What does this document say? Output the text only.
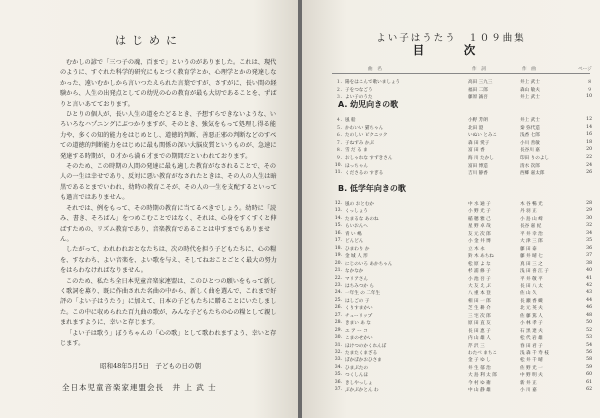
はじめに

むかしの諺で「三つ子の魂、百まで」というのがありました。これは、現代のように、すぐれた科学的研究にもとづく教育学とか、心理学とかの発達しなかった、遠いむかしから言いつたえられた言葉ですが、さすがに、長い間の経験から、人生の出発点としての幼児の心の教育が最も大切であることを、ずばりと言いあてております。

ひとりの個人が、長い人生の道をたどるとき、予想すらできないような、いろいろなハプニングにぶつかりますが、そのとき、強気をもって処理し得る能力や、多くの知的能力をはじめとし、道徳的判断、善悪正邪の判断などのすべての道徳的判断能力をはじめに最も関係の深い大脳皮質というものが、急速に発達する時期が、０才から満６才までの期間だといわれております。

そのため、この時期の人間の発達に最も適した教育がなされることで、その人の一生は幸せであり、反対に悪い教育がなされたときは、その人の人生は暗黒であるとまでいわれ、幼時の教育こそが、その人の一生を支配するといっても過言ではありません。

それでは、例をもって、その時期の教育に当てるべきでしょう。幼時に「読み、書き、そろばん」をつめこむことではなく、それは、心身をすくすくと伸ばすための、リズム教育であり、音楽教育であることは申すまでもありません。

したがって、われわれおとなたちは、次の時代を担う子どもたちに、心の糧を、すなわち、よい音楽を、よい歌を与え、そしてねおことごとく最大の努力をはらわなければなりません。

このため、私たち全日本児童音楽家連盟は、このひとつの願いをもって新しく歌詞を募り、既に作曲された名曲の中から、新しく曲を選んで、これまで好評の「よい子はうたう」に加えて、日本の子どもたちに贈ることにいたしました。この中に収められた百九曲の歌が、みんな子どもたちの心の糧として親しまれますように、幸いと存じます。

「よい子は歌う」ぼうちゃんの「心の歌」として歌われますよう、幸いと存じます。

昭和48年5月5日　子どもの日の朝
全日本児童音楽家連盟会長　井 上 武 士
よい子はうたう　１０９曲集
目　次
曲　名	作　詞	作　曲	ページ
１. 陽をはこんで歌いましょう	高田 三九三	井上 武士	８
２. 子をつなごう	福田 二郎	森山 敏夫	９
３. よい子のうた	藤原 誠吾	井上 武士	10
A. 幼児向きの歌
４. 風 船	小野 芳朗	井上 武士	12
５. かわいい 猫ちゃん	北田 澄	秦 弥代造	14
６. たのしい ピクニック	いぬい とみこ	浅香 七郎	16
７. 子ねずみ かぶ	森 田 愛子	小川 善敏	18
８. 雪 だ る ま	富 田 香	長谷川 嘉	20
９. おしゃれな すずきさん	海 川 たかし	印田 りのよし	22
10. ほっちゃん	富田 博造	清水 次郎	24
11. くださるの すぎる	吉川 静香	西郷 嘉太郎	26
B. 低学年向きの歌
12. 風の おとむか	中 水 通 子	木 谷 暢 光	28
13. くっしょう	小 野 光 子	丹 羽 正	29
14. たまるな あのね	稲 穂 雅 己	小 島 山 崎	30
15. らいおんへ	星 野 卓 哉	長谷 嘉 紀	32
16. 青 い 嶋	友 元 次 郎	平 井 幸 治	34
17. どんどん	小 金 井 博	大 津 三 郎	35
18. ひまわり か	立 木 永	藤 田 泰	36
19. 金 城 人 形	鈴 木 あちね	藤 井 晴 七	37
20. にじのいろ あかちゃん	松 原 よ な	真 田 三 之	38
21. なかなか	杉 浦 修 子	浅 田 喜 江 子	40
22. マリアさん	小 池 吾 子	平 井 敬 平	41
23. はちみつか ら	大 友 え ぶ	長 田 八 太	42
24. 一年生 の 二年生	八 重 本 登	佐 山 久	43
25. はしごの 子	相 田 一 郎	長 瀬 香 織	44
26. くりすまかい	芝 生 耕 介	北 元 英 夫	46
27. チューリップ	三 宅 次 郎	佐 藤 篤 人	48
28. きまい あ な	原 田 直 友	小 林 孝 子	50
29. エ ア ー コ	長 田 恵 子	石 黒 達 夫	52
30. こまのせかい	内 山 雄 人	松 代 岩 雄	53
31. ほけつのかくれんぼ	芹 沢 三	春 田 君 子	54
32. たまたくまざる	わたべ まちこ	浅 森 千 寿 枝	56
33. ぽかぽかおひさま	金 子 ゆ し	松 井 千 晴	58
34. ひまぶたの	井 生 郁 治	佐 野 光 一	59
35. つくしんほ	大 島 利 太 郎	中 野 明 夫	60
36. きしやっしょ	今 村 ゆ 衛	新 井 正	61
37. ぶかぶかとん わ	中 山 静 雄	小 川 嘉	62
